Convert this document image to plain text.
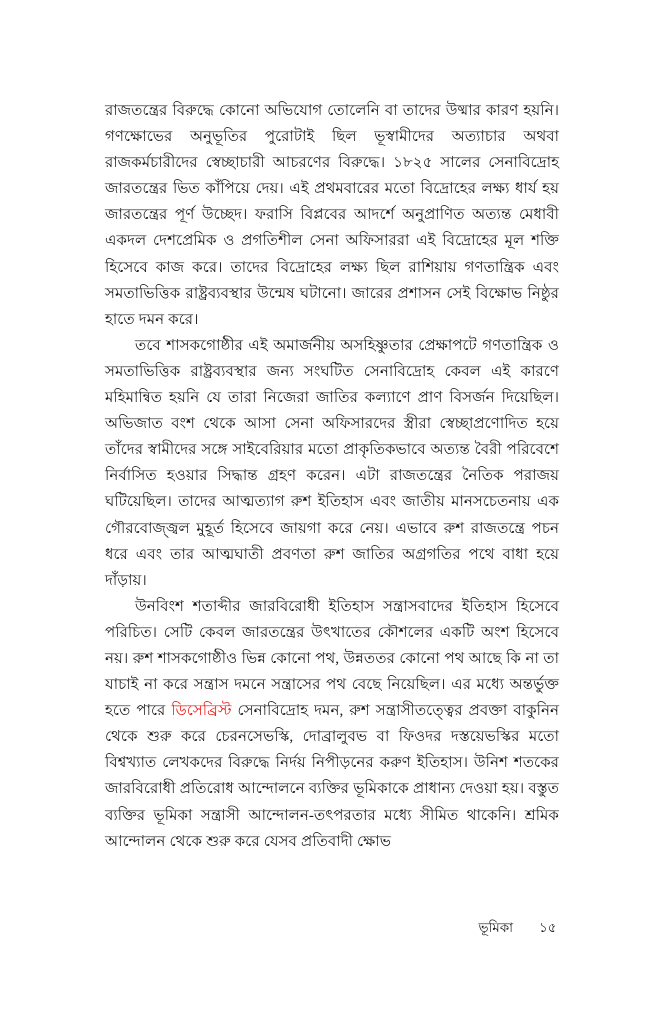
রাজতন্ত্রের বিরুদ্ধে কোনো অভিযোগ তোলেনি বা তাদের উষ্মার কারণ হয়নি। গণক্ষোভের অনুভূতির পুরোটাই ছিল ভূস্বামীদের অত্যাচার অথবা রাজকর্মচারীদের স্বেচ্ছাচারী আচরণের বিরুদ্ধে। ১৮২৫ সালের সেনাবিদ্রোহ জারতন্ত্রের ভিত কাঁপিয়ে দেয়। এই প্রথমবারের মতো বিদ্রোহের লক্ষ্য ধার্য হয় জারতন্ত্রের পূর্ণ উচ্ছেদ। ফরাসি বিপ্লবের আদর্শে অনুপ্রাণিত অত্যন্ত মেধাবী একদল দেশপ্রেমিক ও প্রগতিশীল সেনা অফিসাররা এই বিদ্রোহের মূল শক্তি হিসেবে কাজ করে। তাদের বিদ্রোহের লক্ষ্য ছিল রাশিয়ায় গণতান্ত্রিক এবং সমতাভিত্তিক রাষ্ট্রব্যবস্থার উন্মেষ ঘটানো। জারের প্রশাসন সেই বিক্ষোভ নিষ্ঠুর হাতে দমন করে।

তবে শাসকগোষ্ঠীর এই অমার্জনীয় অসহিষ্ণুতার প্রেক্ষাপটে গণতান্ত্রিক ও সমতাভিত্তিক রাষ্ট্রব্যবস্থার জন্য সংঘটিত সেনাবিদ্রোহ কেবল এই কারণে মহিমান্বিত হয়নি যে তারা নিজেরা জাতির কল্যাণে প্রাণ বিসর্জন দিয়েছিল। অভিজাত বংশ থেকে আসা সেনা অফিসারদের স্ত্রীরা স্বেচ্ছাপ্রণোদিত হয়ে তাঁদের স্বামীদের সঙ্গে সাইবেরিয়ার মতো প্রাকৃতিকভাবে অত্যন্ত বৈরী পরিবেশে নির্বাসিত হওয়ার সিদ্ধান্ত গ্রহণ করেন। এটা রাজতন্ত্রের নৈতিক পরাজয় ঘটিয়েছিল। তাদের আত্মত্যাগ রুশ ইতিহাস এবং জাতীয় মানসচেতনায় এক গৌরবোজ্জ্বল মুহূর্ত হিসেবে জায়গা করে নেয়। এভাবে রুশ রাজতন্ত্রে পচন ধরে এবং তার আত্মঘাতী প্রবণতা রুশ জাতির অগ্রগতির পথে বাধা হয়ে দাঁড়ায়।

উনবিংশ শতাব্দীর জারবিরোধী ইতিহাস সন্ত্রাসবাদের ইতিহাস হিসেবে পরিচিত। সেটি কেবল জারতন্ত্রের উৎখাতের কৌশলের একটি অংশ হিসেবে নয়। রুশ শাসকগোষ্ঠীও ভিন্ন কোনো পথ, উন্নততর কোনো পথ আছে কি না তা যাচাই না করে সন্ত্রাস দমনে সন্ত্রাসের পথ বেছে নিয়েছিল। এর মধ্যে অন্তর্ভুক্ত হতে পারে ডিসেব্রিস্ট সেনাবিদ্রোহ দমন, রুশ সন্ত্রাসীতত্ত্বের প্রবক্তা বাকুনিন থেকে শুরু করে চেরনসেভস্কি, দোব্রালুবভ বা ফিওদর দস্তয়েভস্কির মতো বিশ্বখ্যাত লেখকদের বিরুদ্ধে নির্দয় নিপীড়নের করুণ ইতিহাস। উনিশ শতকের জারবিরোধী প্রতিরোধ আন্দোলনে ব্যক্তির ভূমিকাকে প্রাধান্য দেওয়া হয়। বস্তুত ব্যক্তির ভূমিকা সন্ত্রাসী আন্দোলন-তৎপরতার মধ্যে সীমিত থাকেনি। শ্রমিক আন্দোলন থেকে শুরু করে যেসব প্রতিবাদী ক্ষোভ

ভূমিকা ১৫
